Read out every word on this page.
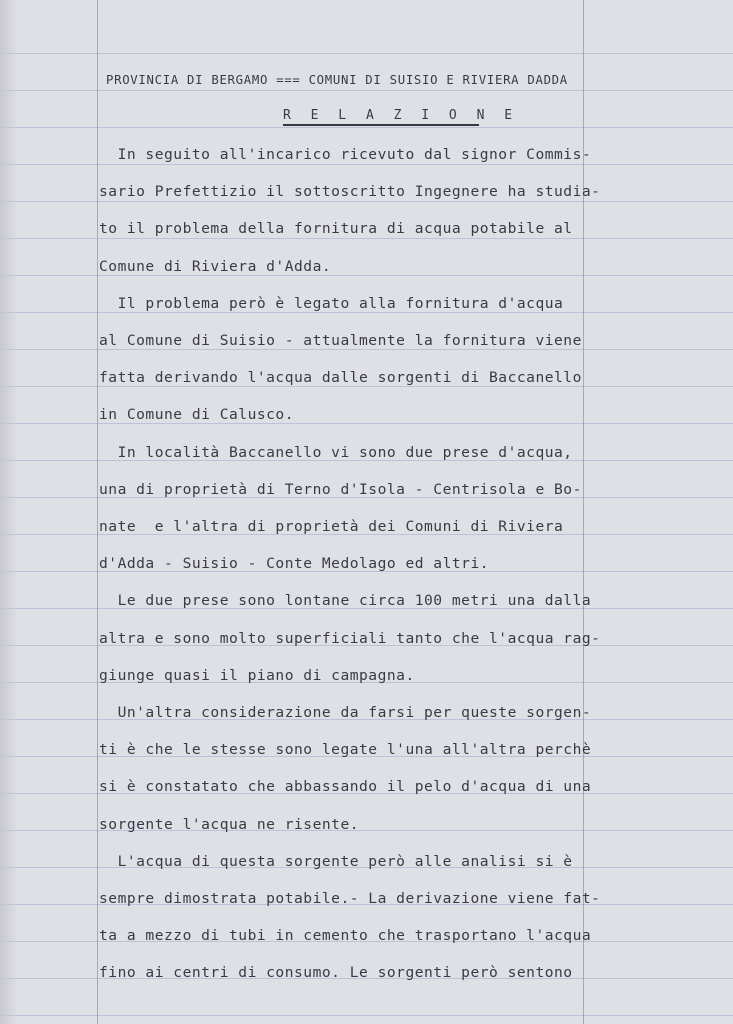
PROVINCIA DI BERGAMO === COMUNI DI SUISIO E RIVIERA DADDA
R E L A Z I O N E
In seguito all'incarico ricevuto dal signor Commis-
sario Prefettizio il sottoscritto Ingegnere ha studia-
to il problema della fornitura di acqua potabile al
Comune di Riviera d'Adda.
Il problema però è legato alla fornitura d'acqua
al Comune di Suisio - attualmente la fornitura viene
fatta derivando l'acqua dalle sorgenti di Baccanello
in Comune di Calusco.
In località Baccanello vi sono due prese d'acqua,
una di proprietà di Terno d'Isola - Centrisola e Bo-
nate  e l'altra di proprietà dei Comuni di Riviera
d'Adda - Suisio - Conte Medolago ed altri.
Le due prese sono lontane circa 100 metri una dalla
altra e sono molto superficiali tanto che l'acqua rag-
giunge quasi il piano di campagna.
Un'altra considerazione da farsi per queste sorgen-
ti è che le stesse sono legate l'una all'altra perchè
si è constatato che abbassando il pelo d'acqua di una
sorgente l'acqua ne risente.
L'acqua di questa sorgente però alle analisi si è
sempre dimostrata potabile.- La derivazione viene fat-
ta a mezzo di tubi in cemento che trasportano l'acqua
fino ai centri di consumo. Le sorgenti però sentono
